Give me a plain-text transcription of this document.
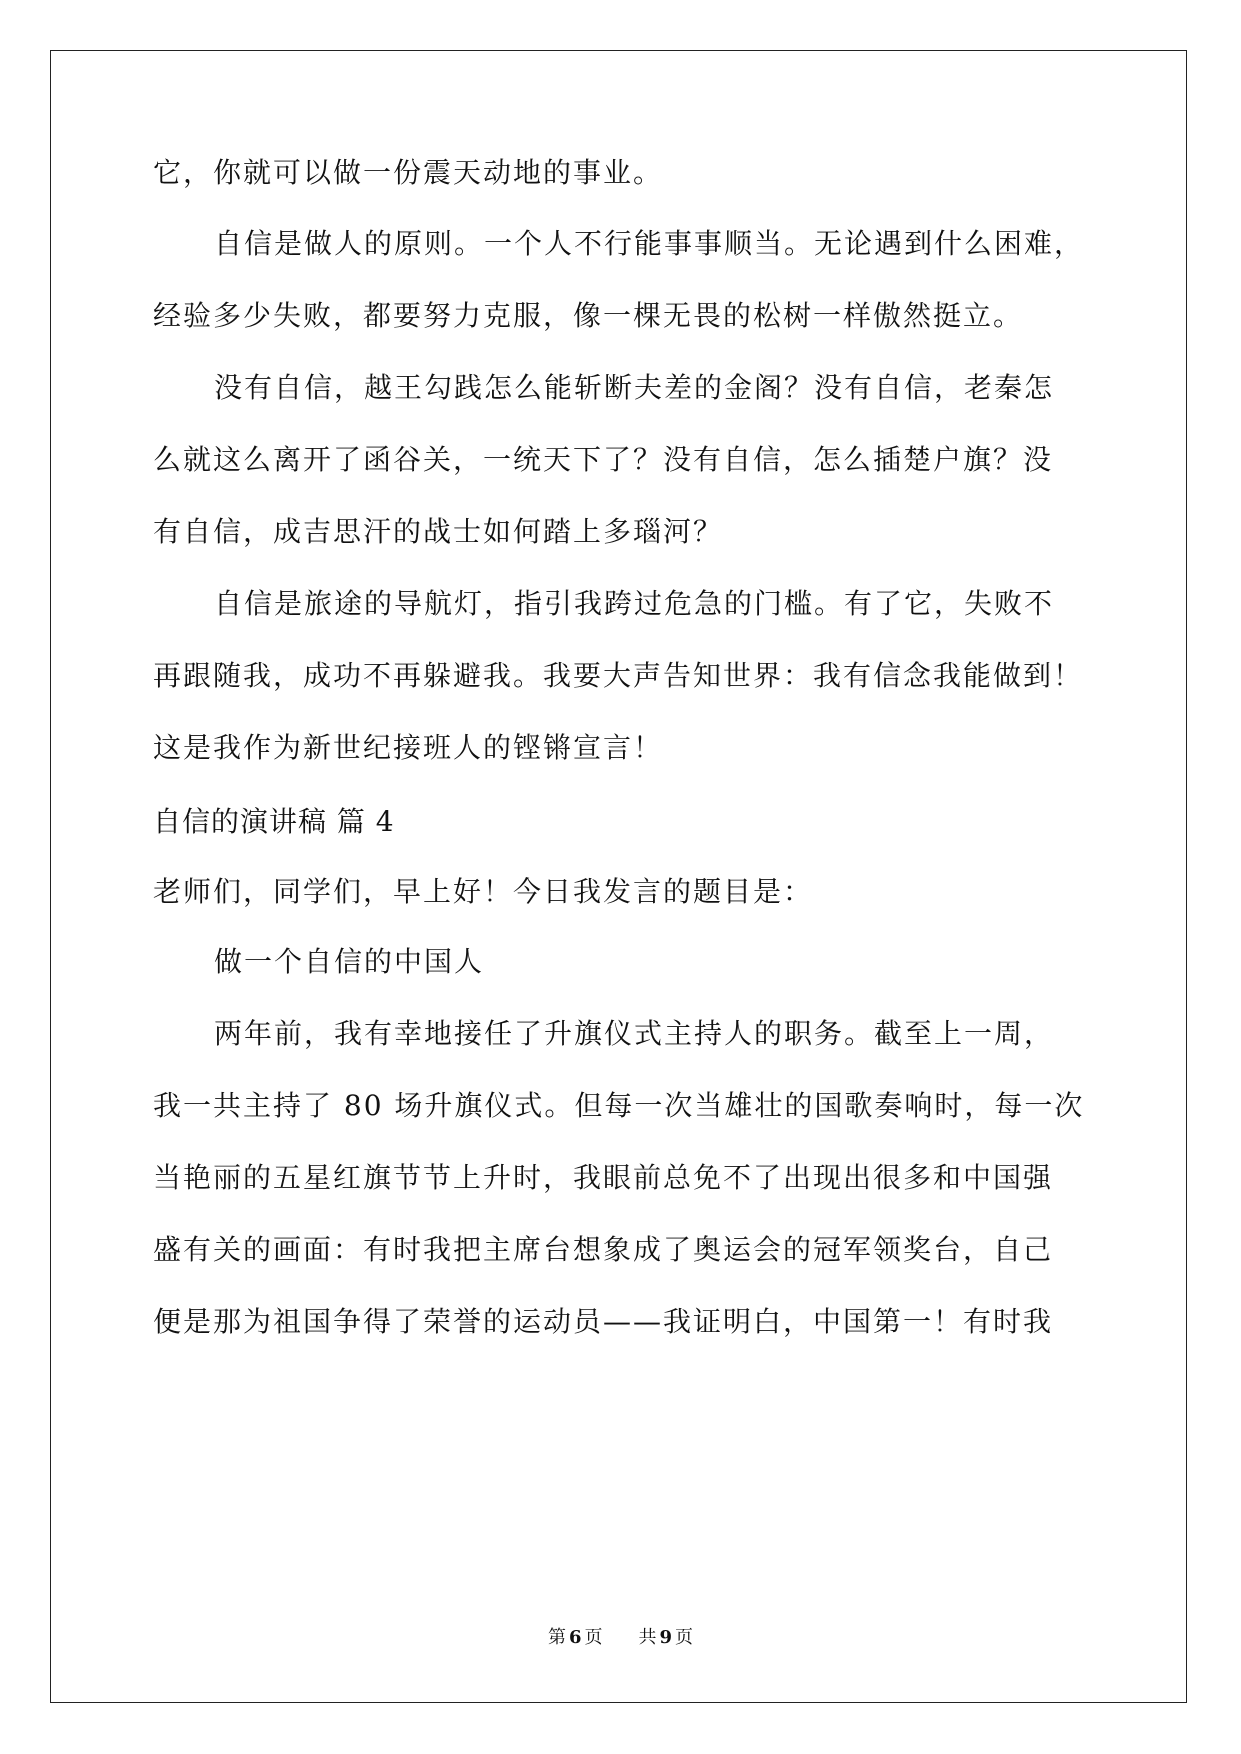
它，你就可以做一份震天动地的事业。
自信是做人的原则。一个人不行能事事顺当。无论遇到什么困难，
经验多少失败，都要努力克服，像一棵无畏的松树一样傲然挺立。
没有自信，越王勾践怎么能斩断夫差的金阁？没有自信，老秦怎
么就这么离开了函谷关，一统天下了？没有自信，怎么插楚户旗？没
有自信，成吉思汗的战士如何踏上多瑙河？
自信是旅途的导航灯，指引我跨过危急的门槛。有了它，失败不
再跟随我，成功不再躲避我。我要大声告知世界：我有信念我能做到！
这是我作为新世纪接班人的铿锵宣言！
自信的演讲稿 篇 4
老师们，同学们，早上好！今日我发言的题目是：
做一个自信的中国人
两年前，我有幸地接任了升旗仪式主持人的职务。截至上一周，
我一共主持了 80 场升旗仪式。但每一次当雄壮的国歌奏响时，每一次
当艳丽的五星红旗节节上升时，我眼前总免不了出现出很多和中国强
盛有关的画面：有时我把主席台想象成了奥运会的冠军领奖台，自己
便是那为祖国争得了荣誉的运动员——我证明白，中国第一！有时我
第 6 页 共 9 页
